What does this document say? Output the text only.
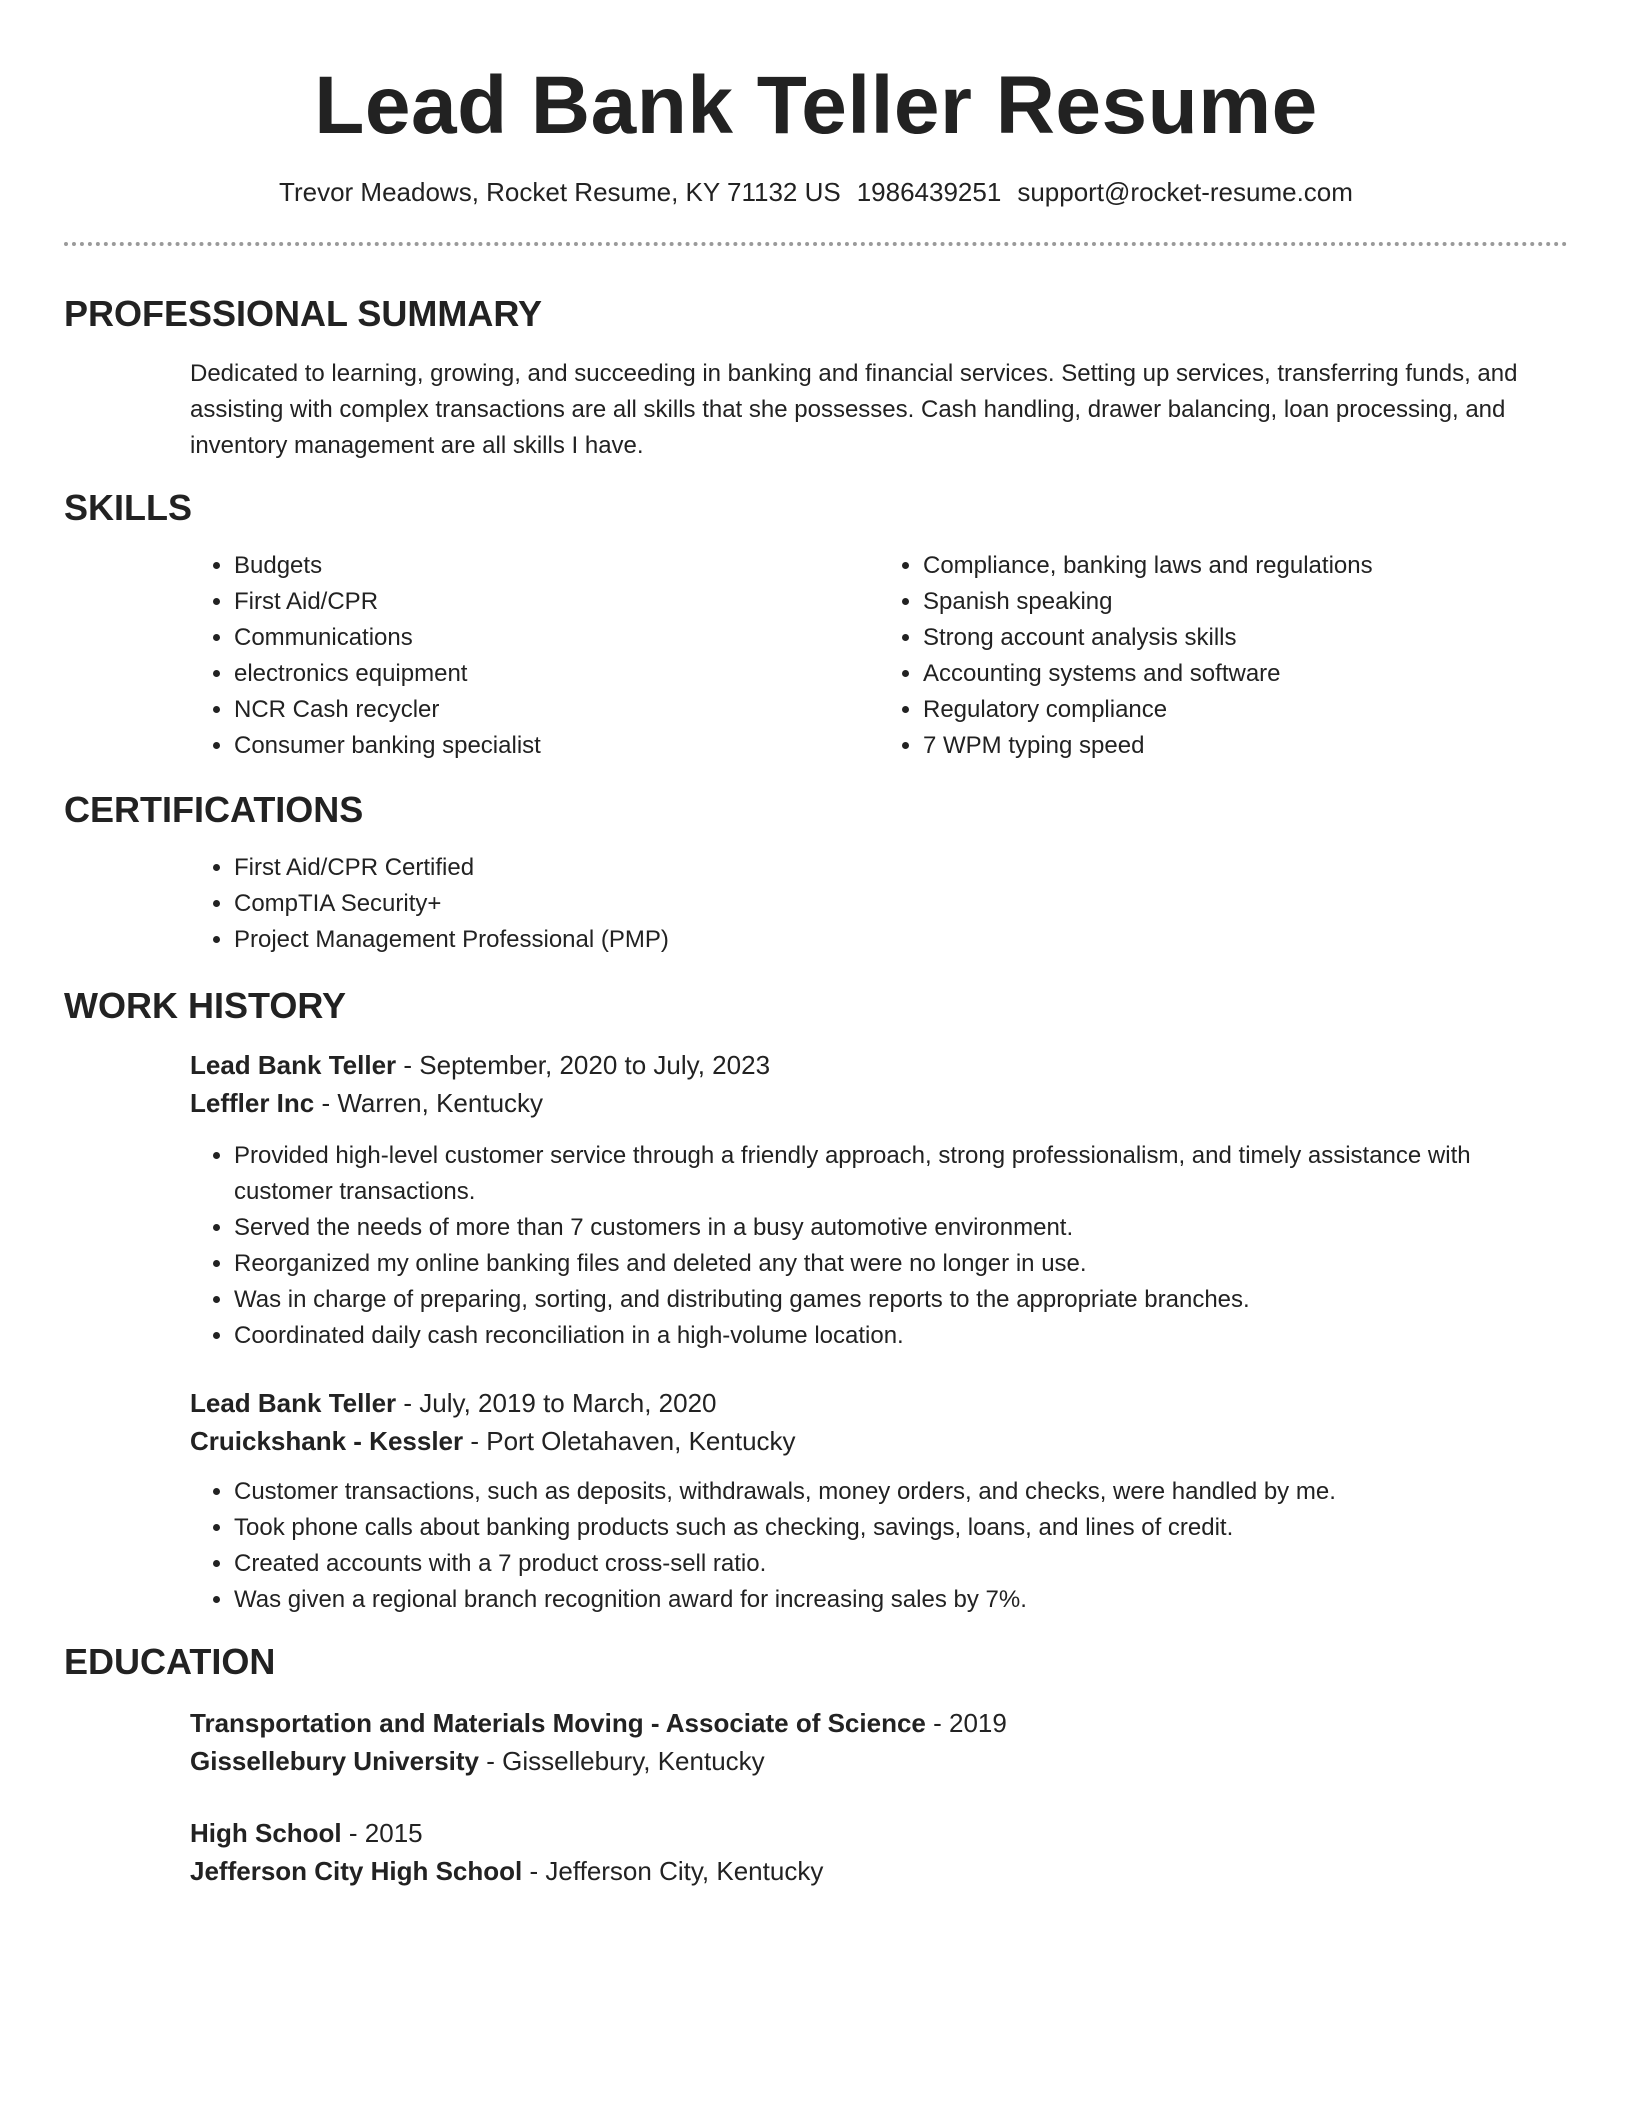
Lead Bank Teller Resume
Trevor Meadows, Rocket Resume, KY 71132 US 1986439251 support@rocket-resume.com
PROFESSIONAL SUMMARY

Dedicated to learning, growing, and succeeding in banking and financial services. Setting up services, transferring funds, and assisting with complex transactions are all skills that she possesses. Cash handling, drawer balancing, loan processing, and inventory management are all skills I have.

SKILLS
• Budgets
• First Aid/CPR
• Communications
• electronics equipment
• NCR Cash recycler
• Consumer banking specialist
• Compliance, banking laws and regulations
• Spanish speaking
• Strong account analysis skills
• Accounting systems and software
• Regulatory compliance
• 7 WPM typing speed
CERTIFICATIONS
• First Aid/CPR Certified
• CompTIA Security+
• Project Management Professional (PMP)
WORK HISTORY
Lead Bank Teller - September, 2020 to July, 2023
Leffler Inc - Warren, Kentucky
• Provided high-level customer service through a friendly approach, strong professionalism, and timely assistance with customer transactions.
• Served the needs of more than 7 customers in a busy automotive environment.
• Reorganized my online banking files and deleted any that were no longer in use.
• Was in charge of preparing, sorting, and distributing games reports to the appropriate branches.
• Coordinated daily cash reconciliation in a high-volume location.
Lead Bank Teller - July, 2019 to March, 2020
Cruickshank - Kessler - Port Oletahaven, Kentucky
• Customer transactions, such as deposits, withdrawals, money orders, and checks, were handled by me.
• Took phone calls about banking products such as checking, savings, loans, and lines of credit.
• Created accounts with a 7 product cross-sell ratio.
• Was given a regional branch recognition award for increasing sales by 7%.
EDUCATION
Transportation and Materials Moving - Associate of Science - 2019
Gissellebury University - Gissellebury, Kentucky
High School - 2015
Jefferson City High School - Jefferson City, Kentucky
